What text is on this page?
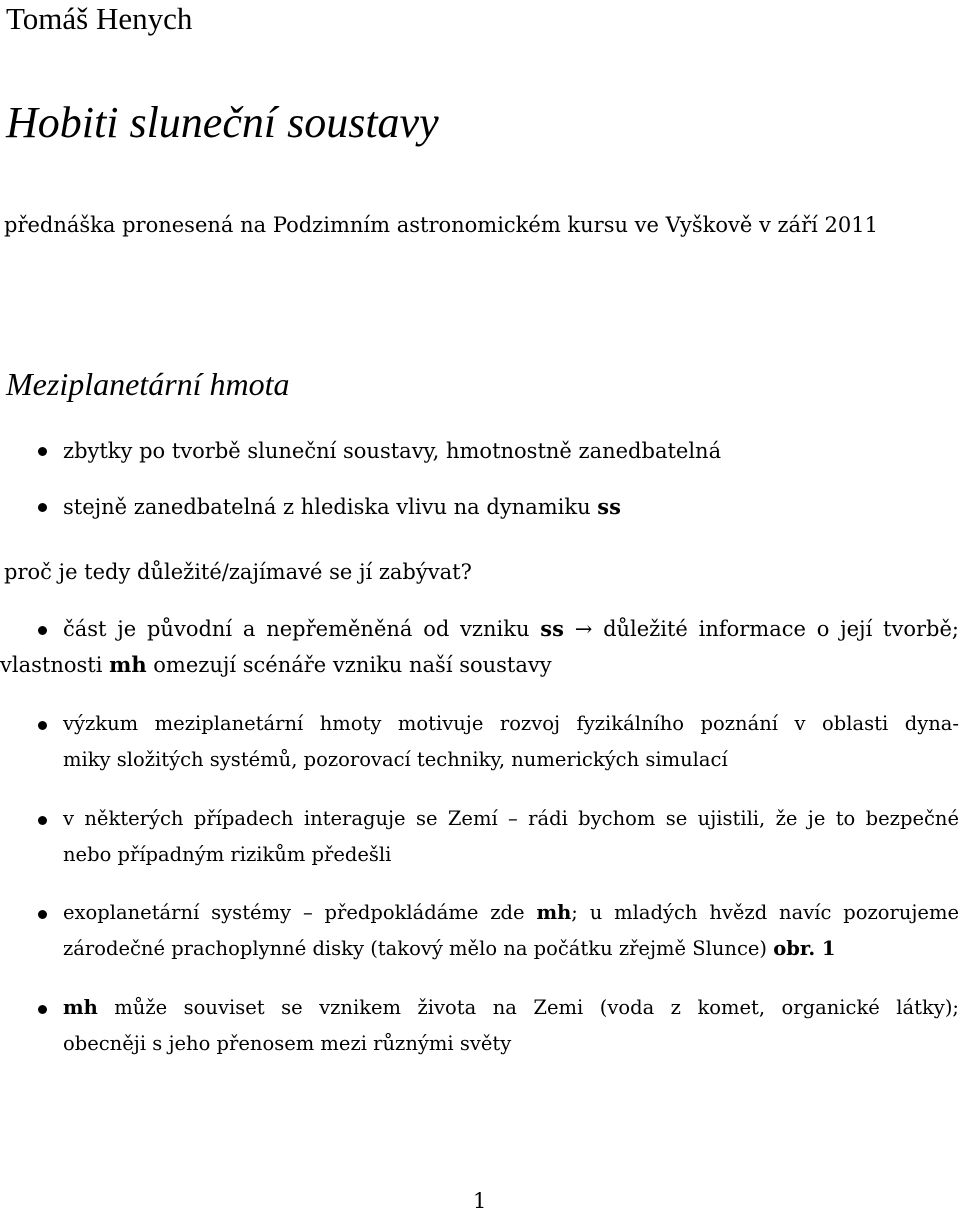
Tomáš Henych
Hobiti sluneční soustavy
přednáška pronesená na Podzimním astronomickém kursu ve Vyškově v září 2011
Meziplanetární hmota
zbytky po tvorbě sluneční soustavy, hmotnostně zanedbatelná
stejně zanedbatelná z hlediska vlivu na dynamiku ss
proč je tedy důležité/zajímavé se jí zabývat?
část je původní a nepřeměněná od vzniku ss → důležité informace o její tvorbě;
vlastnosti mh omezují scénáře vzniku naší soustavy
výzkum meziplanetární hmoty motivuje rozvoj fyzikálního poznání v oblasti dyna-
miky složitých systémů, pozorovací techniky, numerických simulací
v některých případech interaguje se Zemí – rádi bychom se ujistili, že je to bezpečné
nebo případným rizikům předešli
exoplanetární systémy – předpokládáme zde mh; u mladých hvězd navíc pozorujeme
zárodečné prachoplynné disky (takový mělo na počátku zřejmě Slunce) obr. 1
mh může souviset se vznikem života na Zemi (voda z komet, organické látky);
obecněji s jeho přenosem mezi různými světy
1
